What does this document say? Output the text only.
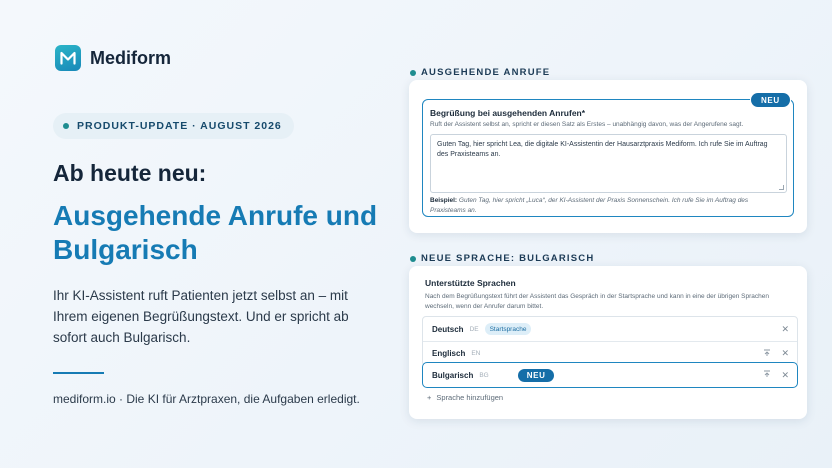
Mediform
PRODUKT-UPDATE · AUGUST 2026
Ab heute neu:
Ausgehende Anrufe und Bulgarisch
Ihr KI-Assistent ruft Patienten jetzt selbst an – mit Ihrem eigenen Begrüßungstext. Und er spricht ab sofort auch Bulgarisch.
mediform.io · Die KI für Arztpraxen, die Aufgaben erledigt.
AUSGEHENDE ANRUFE
Begrüßung bei ausgehenden Anrufen*
Ruft der Assistent selbst an, spricht er diesen Satz als Erstes – unabhängig davon, was der Angerufene sagt.
Guten Tag, hier spricht Lea, die digitale KI-Assistentin der Hausarztpraxis Mediform. Ich rufe Sie im Auftrag des Praxisteams an.
Beispiel: Guten Tag, hier spricht „Luca“, der KI-Assistent der Praxis Sonnenschein. Ich rufe Sie im Auftrag des Praxisteams an.
NEU
NEUE SPRACHE: BULGARISCH
Unterstützte Sprachen
Nach dem Begrüßungstext führt der Assistent das Gespräch in der Startsprache und kann in eine der übrigen Sprachen wechseln, wenn der Anrufer darum bittet.
Deutsch DE	Startsprache	✕
Englisch EN	✕
Bulgarisch BG	NEU	✕
+ Sprache hinzufügen
